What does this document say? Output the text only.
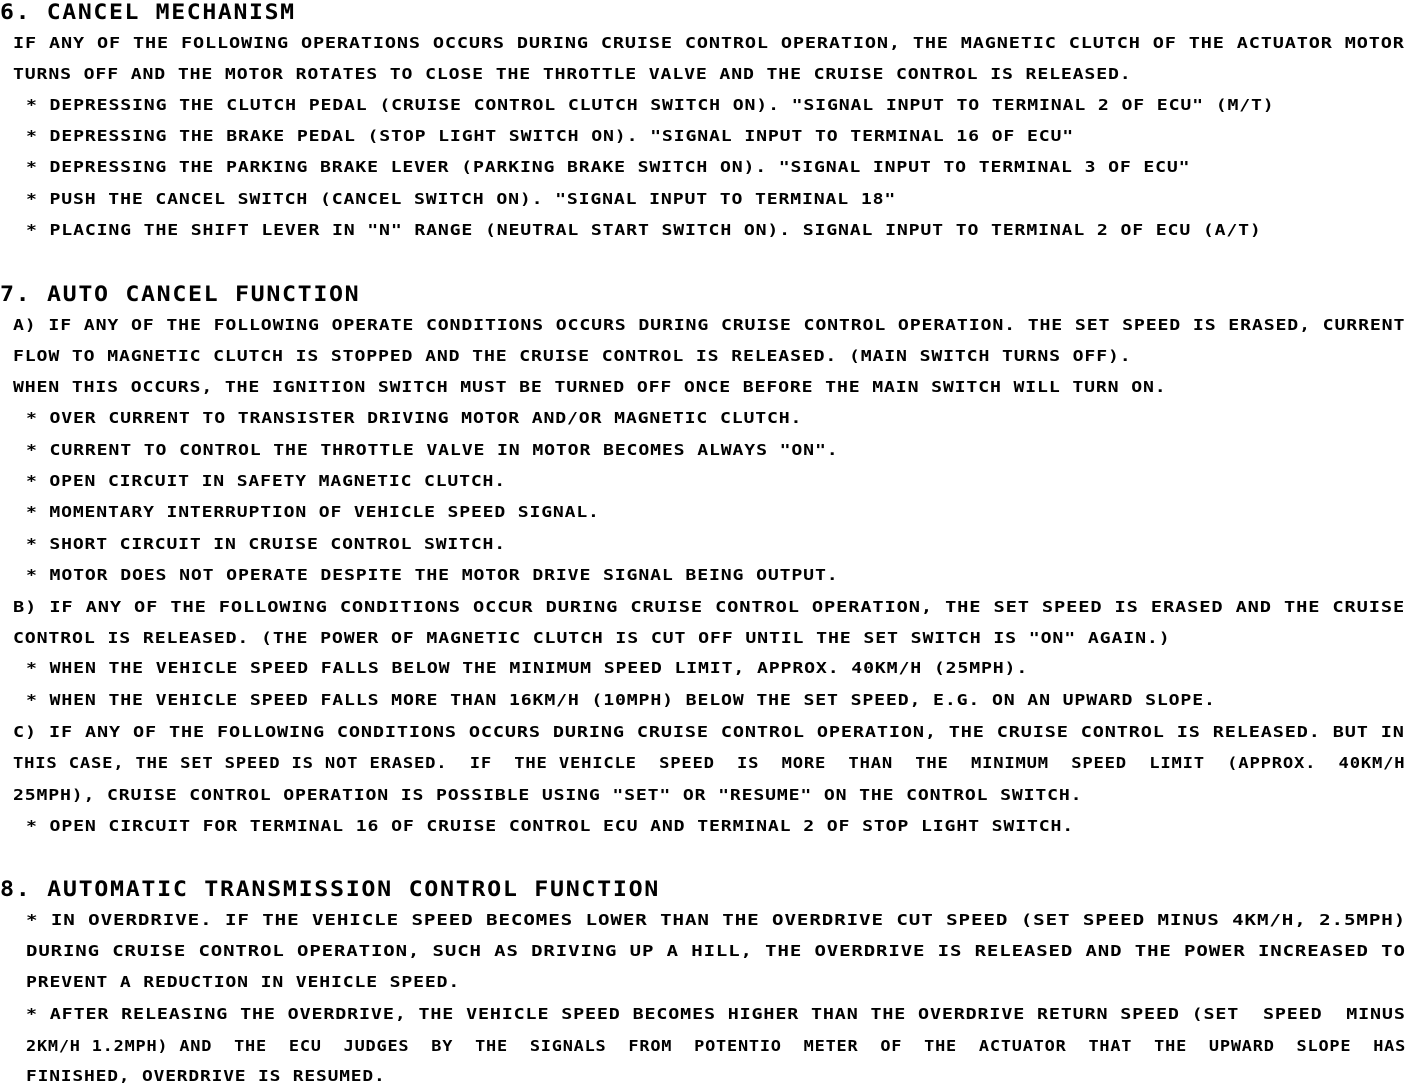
6. CANCEL MECHANISM
IF ANY OF THE FOLLOWING OPERATIONS OCCURS DURING CRUISE CONTROL OPERATION, THE MAGNETIC CLUTCH OF THE ACTUATOR MOTOR
TURNS OFF AND THE MOTOR ROTATES TO CLOSE THE THROTTLE VALVE AND THE CRUISE CONTROL IS RELEASED.
* DEPRESSING THE CLUTCH PEDAL (CRUISE CONTROL CLUTCH SWITCH ON). "SIGNAL INPUT TO TERMINAL 2 OF ECU" (M/T)
* DEPRESSING THE BRAKE PEDAL (STOP LIGHT SWITCH ON). "SIGNAL INPUT TO TERMINAL 16 OF ECU"
* DEPRESSING THE PARKING BRAKE LEVER (PARKING BRAKE SWITCH ON). "SIGNAL INPUT TO TERMINAL 3 OF ECU"
* PUSH THE CANCEL SWITCH (CANCEL SWITCH ON). "SIGNAL INPUT TO TERMINAL 18"
* PLACING THE SHIFT LEVER IN "N" RANGE (NEUTRAL START SWITCH ON). SIGNAL INPUT TO TERMINAL 2 OF ECU (A/T)
7. AUTO CANCEL FUNCTION
A) IF ANY OF THE FOLLOWING OPERATE CONDITIONS OCCURS DURING CRUISE CONTROL OPERATION. THE SET SPEED IS ERASED, CURRENT
FLOW TO MAGNETIC CLUTCH IS STOPPED AND THE CRUISE CONTROL IS RELEASED. (MAIN SWITCH TURNS OFF).
WHEN THIS OCCURS, THE IGNITION SWITCH MUST BE TURNED OFF ONCE BEFORE THE MAIN SWITCH WILL TURN ON.
* OVER CURRENT TO TRANSISTER DRIVING MOTOR AND/OR MAGNETIC CLUTCH.
* CURRENT TO CONTROL THE THROTTLE VALVE IN MOTOR BECOMES ALWAYS "ON".
* OPEN CIRCUIT IN SAFETY MAGNETIC CLUTCH.
* MOMENTARY INTERRUPTION OF VEHICLE SPEED SIGNAL.
* SHORT CIRCUIT IN CRUISE CONTROL SWITCH.
* MOTOR DOES NOT OPERATE DESPITE THE MOTOR DRIVE SIGNAL BEING OUTPUT.
B) IF ANY OF THE FOLLOWING CONDITIONS OCCUR DURING CRUISE CONTROL OPERATION, THE SET SPEED IS ERASED AND THE CRUISE
CONTROL IS RELEASED. (THE POWER OF MAGNETIC CLUTCH IS CUT OFF UNTIL THE SET SWITCH IS "ON" AGAIN.)
* WHEN THE VEHICLE SPEED FALLS BELOW THE MINIMUM SPEED LIMIT, APPROX. 40KM/H (25MPH).
* WHEN THE VEHICLE SPEED FALLS MORE THAN 16KM/H (10MPH) BELOW THE SET SPEED, E.G. ON AN UPWARD SLOPE.
C) IF ANY OF THE FOLLOWING CONDITIONS OCCURS DURING CRUISE CONTROL OPERATION, THE CRUISE CONTROL IS RELEASED. BUT IN
THIS CASE, THE SET SPEED IS NOT ERASED.  IF  THE VEHICLE  SPEED  IS  MORE  THAN  THE  MINIMUM  SPEED  LIMIT  (APPROX.  40KM/H
25MPH), CRUISE CONTROL OPERATION IS POSSIBLE USING "SET" OR "RESUME" ON THE CONTROL SWITCH.
* OPEN CIRCUIT FOR TERMINAL 16 OF CRUISE CONTROL ECU AND TERMINAL 2 OF STOP LIGHT SWITCH.
8. AUTOMATIC TRANSMISSION CONTROL FUNCTION
* IN OVERDRIVE. IF THE VEHICLE SPEED BECOMES LOWER THAN THE OVERDRIVE CUT SPEED (SET SPEED MINUS 4KM/H, 2.5MPH)
DURING CRUISE CONTROL OPERATION, SUCH AS DRIVING UP A HILL, THE OVERDRIVE IS RELEASED AND THE POWER INCREASED TO
PREVENT A REDUCTION IN VEHICLE SPEED.
* AFTER RELEASING THE OVERDRIVE, THE VEHICLE SPEED BECOMES HIGHER THAN THE OVERDRIVE RETURN SPEED (SET  SPEED  MINUS
2KM/H 1.2MPH) AND  THE  ECU  JUDGES  BY  THE  SIGNALS  FROM  POTENTIO  METER  OF  THE  ACTUATOR  THAT  THE  UPWARD  SLOPE  HAS
FINISHED, OVERDRIVE IS RESUMED.
